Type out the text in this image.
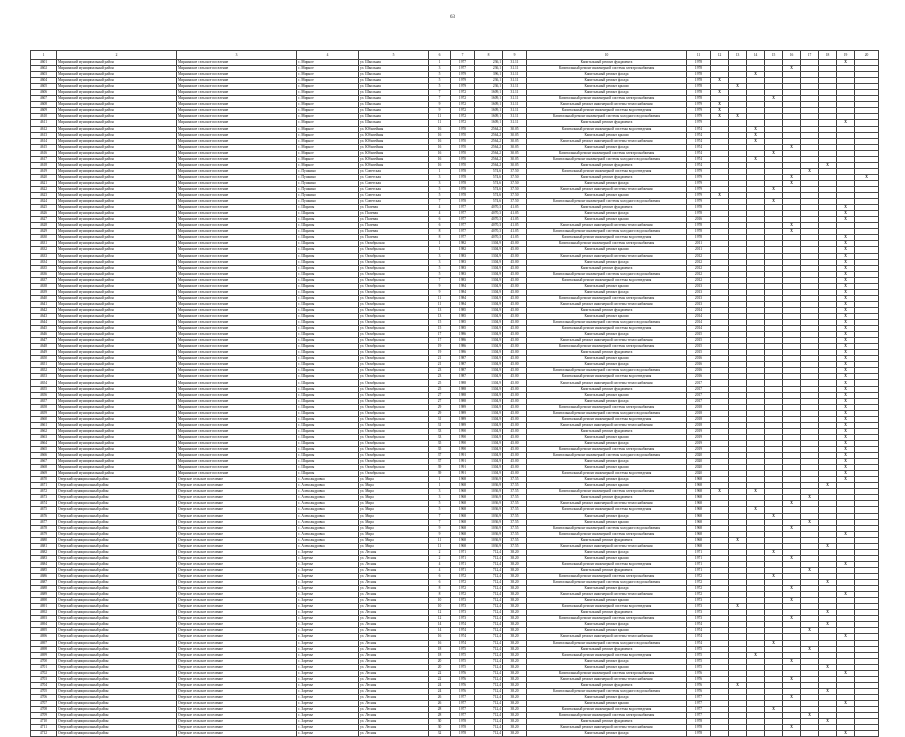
63
1	2	3	4	5	6	7	8	9	10	11	12	13	14	15	16	17	18	19	20
4601	Мирнинский муниципальный район	Мирнинское сельское поселение	с. Мирное	ул. Школьная	1	1977	236,1	31.11	Капитальный ремонт фундамента	1978								X	
4602	Мирнинский муниципальный район	Мирнинское сельское поселение	с. Мирное	ул. Школьная	3	1977	236,1	31.11	Капитальный ремонт инженерной системы электроснабжения	1978					X				
4603	Мирнинский муниципальный район	Мирнинское сельское поселение	с. Мирное	ул. Школьная	5	1979	396,1	31.11	Капитальный ремонт фасада	1978			X						
4604	Мирнинский муниципальный район	Мирнинское сельское поселение	с. Мирное	ул. Школьная	5	1979	236,1	31.11	Капитальный ремонт фасада	1978	X								
4605	Мирнинский муниципальный район	Мирнинское сельское поселение	с. Мирное	ул. Школьная	5	1979	236,1	31.11	Капитальный ремонт крыши	1978		X							
4606	Мирнинский муниципальный район	Мирнинское сельское поселение	с. Мирное	ул. Школьная	7	1972	1609,1	31.11	Капитальный ремонт фасада	1978	X								
4607	Мирнинский муниципальный район	Мирнинское сельское поселение	с. Мирное	ул. Школьная	7	1972	1609,1	31.11	Капитальный ремонт инженерной системы электроснабжения	1978				X					
4608	Мирнинский муниципальный район	Мирнинское сельское поселение	с. Мирное	ул. Школьная	9	1972	1609,1	31.11	Капитальный ремонт инженерной системы теплоснабжения	1979	X								
4609	Мирнинский муниципальный район	Мирнинское сельское поселение	с. Мирное	ул. Школьная	9	1972	1609,1	31.11	Капитальный ремонт инженерной системы водоотведения	1979	X								
4610	Мирнинский муниципальный район	Мирнинское сельское поселение	с. Мирное	ул. Школьная	11	1972	1609,1	31.11	Капитальный ремонт инженерной системы холодного водоснабжения	1979	X	X							
4611	Мирнинский муниципальный район	Мирнинское сельское поселение	с. Мирное	ул. Школьная	11	1972	1609,1	31.11	Капитальный ремонт фундамента	1979								X	
4612	Мирнинский муниципальный район	Мирнинское сельское поселение	с. Мирное	ул. Юбилейная	16	1970	2564,2	30.05	Капитальный ремонт инженерной системы водоотведения	1974			X						
4613	Мирнинский муниципальный район	Мирнинское сельское поселение	с. Мирное	ул. Юбилейная	16	1970	2564,2	30.05	Капитальный ремонт крыши	1974			X						
4614	Мирнинский муниципальный район	Мирнинское сельское поселение	с. Мирное	ул. Юбилейная	16	1970	2564,2	30.05	Капитальный ремонт инженерной системы теплоснабжения	1974			X						
4615	Мирнинский муниципальный район	Мирнинское сельское поселение	с. Мирное	ул. Юбилейная	16	1970	2564,2	30.05	Капитальный ремонт фасада	1974					X				
4616	Мирнинский муниципальный район	Мирнинское сельское поселение	с. Мирное	ул. Юбилейная	16	1970	2564,2	30.05	Капитальный ремонт инженерной системы электроснабжения	1974				X					
4617	Мирнинский муниципальный район	Мирнинское сельское поселение	с. Мирное	ул. Юбилейная	16	1970	2564,2	30.05	Капитальный ремонт инженерной системы холодного водоснабжения	1974			X						
4618	Мирнинский муниципальный район	Мирнинское сельское поселение	с. Мирное	ул. Юбилейная	16	1970	2564,2	30.05	Капитальный ремонт фундамента	1974							X		
4619	Мирнинский муниципальный район	Мирнинское сельское поселение	с. Пушкино	ул. Советская	1	1978	574,6	37.50	Капитальный ремонт инженерной системы водоотведения	1979						X			
4620	Мирнинский муниципальный район	Мирнинское сельское поселение	с. Пушкино	ул. Советская	3	1978	574,6	37.50	Капитальный ремонт фундамента	1979					X				X
4621	Мирнинский муниципальный район	Мирнинское сельское поселение	с. Пушкино	ул. Советская	3	1978	574,6	37.50	Капитальный ремонт фасада	1979					X				
4622	Мирнинский муниципальный район	Мирнинское сельское поселение	с. Пушкино	ул. Советская	5	1978	574,6	37.50	Капитальный ремонт инженерной системы теплоснабжения	1979				X					
4623	Мирнинский муниципальный район	Мирнинское сельское поселение	с. Пушкино	ул. Советская	5	1978	574,6	37.50	Капитальный ремонт крыши	1979	X								
4624	Мирнинский муниципальный район	Мирнинское сельское поселение	с. Пушкино	ул. Советская	7	1978	574,6	37.50	Капитальный ремонт инженерной системы холодного водоснабжения	1979				X					
4625	Мирнинский муниципальный район	Мирнинское сельское поселение	с. Шарапы	ул. Полевая	4	1977	4070,3	41.05	Капитальный ремонт фундамента	1978								X	
4626	Мирнинский муниципальный район	Мирнинское сельское поселение	с. Шарапы	ул. Полевая	4	1977	4070,3	41.05	Капитальный ремонт фасада	1978								X	
4627	Мирнинский муниципальный район	Мирнинское сельское поселение	с. Шарапы	ул. Полевая	6	1977	4070,3	41.05	Капитальный ремонт крыши	2016								X	
4628	Мирнинский муниципальный район	Мирнинское сельское поселение	с. Шарапы	ул. Полевая	6	1977	4070,3	41.05	Капитальный ремонт инженерной системы теплоснабжения	1978					X				
4629	Мирнинский муниципальный район	Мирнинское сельское поселение	с. Шарапы	ул. Полевая	8	1977	4070,3	41.05	Капитальный ремонт инженерной системы холодного водоснабжения	1978					X				
4630	Мирнинский муниципальный район	Мирнинское сельское поселение	с. Шарапы	ул. Полевая	8	1977	4070,3	41.05	Капитальный ремонт инженерной системы водоотведения	1978								X	
4631	Мирнинский муниципальный район	Мирнинское сельское поселение	с. Шарапы	ул. Октябрьская	1	1982	1304,9	45.00	Капитальный ремонт инженерной системы электроснабжения	2011								X	
4632	Мирнинский муниципальный район	Мирнинское сельское поселение	с. Шарапы	ул. Октябрьская	1	1982	1304,9	45.00	Капитальный ремонт крыши	2011								X	
4633	Мирнинский муниципальный район	Мирнинское сельское поселение	с. Шарапы	ул. Октябрьская	3	1983	1304,9	45.00	Капитальный ремонт инженерной системы теплоснабжения	2012								X	
4634	Мирнинский муниципальный район	Мирнинское сельское поселение	с. Шарапы	ул. Октябрьская	3	1983	1304,9	45.00	Капитальный ремонт фасада	2012								X	
4635	Мирнинский муниципальный район	Мирнинское сельское поселение	с. Шарапы	ул. Октябрьская	5	1983	1304,9	45.00	Капитальный ремонт фундамента	2012								X	
4636	Мирнинский муниципальный район	Мирнинское сельское поселение	с. Шарапы	ул. Октябрьская	5	1983	1304,9	45.00	Капитальный ремонт инженерной системы холодного водоснабжения	2012								X	
4637	Мирнинский муниципальный район	Мирнинское сельское поселение	с. Шарапы	ул. Октябрьская	7	1983	1304,9	45.00	Капитальный ремонт инженерной системы водоотведения	2012								X	
4638	Мирнинский муниципальный район	Мирнинское сельское поселение	с. Шарапы	ул. Октябрьская	9	1984	1304,9	45.00	Капитальный ремонт крыши	2013								X	
4639	Мирнинский муниципальный район	Мирнинское сельское поселение	с. Шарапы	ул. Октябрьская	9	1984	1304,9	45.00	Капитальный ремонт фасада	2013								X	
4640	Мирнинский муниципальный район	Мирнинское сельское поселение	с. Шарапы	ул. Октябрьская	11	1984	1304,9	45.00	Капитальный ремонт инженерной системы электроснабжения	2013								X	
4641	Мирнинский муниципальный район	Мирнинское сельское поселение	с. Шарапы	ул. Октябрьская	11	1984	1304,9	45.00	Капитальный ремонт инженерной системы теплоснабжения	2013								X	
4642	Мирнинский муниципальный район	Мирнинское сельское поселение	с. Шарапы	ул. Октябрьская	13	1985	1304,9	45.00	Капитальный ремонт фундамента	2014								X	
4643	Мирнинский муниципальный район	Мирнинское сельское поселение	с. Шарапы	ул. Октябрьская	13	1985	1304,9	45.00	Капитальный ремонт крыши	2014								X	
4644	Мирнинский муниципальный район	Мирнинское сельское поселение	с. Шарапы	ул. Октябрьская	15	1985	1304,9	45.00	Капитальный ремонт инженерной системы холодного водоснабжения	2014								X	
4645	Мирнинский муниципальный район	Мирнинское сельское поселение	с. Шарапы	ул. Октябрьская	15	1985	1304,9	45.00	Капитальный ремонт инженерной системы водоотведения	2014								X	
4646	Мирнинский муниципальный район	Мирнинское сельское поселение	с. Шарапы	ул. Октябрьская	17	1986	1304,9	45.00	Капитальный ремонт фасада	2015								X	
4647	Мирнинский муниципальный район	Мирнинское сельское поселение	с. Шарапы	ул. Октябрьская	17	1986	1304,9	45.00	Капитальный ремонт инженерной системы теплоснабжения	2015								X	
4648	Мирнинский муниципальный район	Мирнинское сельское поселение	с. Шарапы	ул. Октябрьская	19	1986	1304,9	45.00	Капитальный ремонт инженерной системы электроснабжения	2015								X	
4649	Мирнинский муниципальный район	Мирнинское сельское поселение	с. Шарапы	ул. Октябрьская	19	1986	1304,9	45.00	Капитальный ремонт фундамента	2015								X	
4650	Мирнинский муниципальный район	Мирнинское сельское поселение	с. Шарапы	ул. Октябрьская	21	1987	1304,9	45.00	Капитальный ремонт крыши	2016								X	
4651	Мирнинский муниципальный район	Мирнинское сельское поселение	с. Шарапы	ул. Октябрьская	21	1987	1304,9	45.00	Капитальный ремонт фасада	2016								X	
4652	Мирнинский муниципальный район	Мирнинское сельское поселение	с. Шарапы	ул. Октябрьская	23	1987	1304,9	45.00	Капитальный ремонт инженерной системы холодного водоснабжения	2016								X	
4653	Мирнинский муниципальный район	Мирнинское сельское поселение	с. Шарапы	ул. Октябрьская	23	1987	1304,9	45.00	Капитальный ремонт инженерной системы водоотведения	2016								X	
4654	Мирнинский муниципальный район	Мирнинское сельское поселение	с. Шарапы	ул. Октябрьская	25	1988	1304,9	45.00	Капитальный ремонт инженерной системы теплоснабжения	2017								X	
4655	Мирнинский муниципальный район	Мирнинское сельское поселение	с. Шарапы	ул. Октябрьская	25	1988	1304,9	45.00	Капитальный ремонт фундамента	2017								X	
4656	Мирнинский муниципальный район	Мирнинское сельское поселение	с. Шарапы	ул. Октябрьская	27	1988	1304,9	45.00	Капитальный ремонт крыши	2017								X	
4657	Мирнинский муниципальный район	Мирнинское сельское поселение	с. Шарапы	ул. Октябрьская	27	1988	1304,9	45.00	Капитальный ремонт фасада	2017								X	
4658	Мирнинский муниципальный район	Мирнинское сельское поселение	с. Шарапы	ул. Октябрьская	29	1989	1304,9	45.00	Капитальный ремонт инженерной системы электроснабжения	2018								X	
4659	Мирнинский муниципальный район	Мирнинское сельское поселение	с. Шарапы	ул. Октябрьская	29	1989	1304,9	45.00	Капитальный ремонт инженерной системы холодного водоснабжения	2018								X	
4660	Мирнинский муниципальный район	Мирнинское сельское поселение	с. Шарапы	ул. Октябрьская	31	1989	1304,9	45.00	Капитальный ремонт инженерной системы водоотведения	2018								X	
4661	Мирнинский муниципальный район	Мирнинское сельское поселение	с. Шарапы	ул. Октябрьская	31	1989	1304,9	45.00	Капитальный ремонт инженерной системы теплоснабжения	2018								X	
4662	Мирнинский муниципальный район	Мирнинское сельское поселение	с. Шарапы	ул. Октябрьская	33	1990	1304,9	45.00	Капитальный ремонт фундамента	2019								X	
4663	Мирнинский муниципальный район	Мирнинское сельское поселение	с. Шарапы	ул. Октябрьская	33	1990	1304,9	45.00	Капитальный ремонт крыши	2019								X	
4664	Мирнинский муниципальный район	Мирнинское сельское поселение	с. Шарапы	ул. Октябрьская	35	1990	1304,9	45.00	Капитальный ремонт фасада	2019								X	
4665	Мирнинский муниципальный район	Мирнинское сельское поселение	с. Шарапы	ул. Октябрьская	35	1990	1304,9	45.00	Капитальный ремонт инженерной системы электроснабжения	2019								X	
4666	Мирнинский муниципальный район	Мирнинское сельское поселение	с. Шарапы	ул. Октябрьская	37	1991	1304,9	45.00	Капитальный ремонт инженерной системы холодного водоснабжения	2020								X	
4667	Мирнинский муниципальный район	Мирнинское сельское поселение	с. Шарапы	ул. Октябрьская	37	1991	1304,9	45.00	Капитальный ремонт фасада	2020								X	
4668	Мирнинский муниципальный район	Мирнинское сельское поселение	с. Шарапы	ул. Октябрьская	39	1991	1304,9	45.00	Капитальный ремонт крыши	2020								X	
4669	Мирнинский муниципальный район	Мирнинское сельское поселение	с. Шарапы	ул. Октябрьская	39	1991	1304,9	45.00	Капитальный ремонт инженерной системы водоотведения	2020								X	
4670	Озерский муниципальный район	Озерское сельское поселение	с. Александровка	ул. Мира	1	1968	1036,9	37.55	Капитальный ремонт фасада	1968								X	
4671	Озерский муниципальный район	Озерское сельское поселение	с. Александровка	ул. Мира	1	1968	1036,9	37.55	Капитальный ремонт крыши	1968							X		
4672	Озерский муниципальный район	Озерское сельское поселение	с. Александровка	ул. Мира	3	1968	1036,9	37.55	Капитальный ремонт инженерной системы электроснабжения	1968	X		X						
4673	Озерский муниципальный район	Озерское сельское поселение	с. Александровка	ул. Мира	3	1968	1036,9	37.55	Капитальный ремонт фундамента	1968						X			
4674	Озерский муниципальный район	Озерское сельское поселение	с. Александровка	ул. Мира	5	1968	1036,9	37.55	Капитальный ремонт инженерной системы теплоснабжения	1968					X				
4675	Озерский муниципальный район	Озерское сельское поселение	с. Александровка	ул. Мира	5	1968	1036,9	37.55	Капитальный ремонт инженерной системы водоотведения	1968			X						
4676	Озерский муниципальный район	Озерское сельское поселение	с. Александровка	ул. Мира	7	1968	1036,9	37.55	Капитальный ремонт фасада	1968				X					
4677	Озерский муниципальный район	Озерское сельское поселение	с. Александровка	ул. Мира	7	1968	1036,9	37.55	Капитальный ремонт крыши	1968						X			
4678	Озерский муниципальный район	Озерское сельское поселение	с. Александровка	ул. Мира	9	1968	1036,9	37.55	Капитальный ремонт инженерной системы холодного водоснабжения	1968					X				
4679	Озерский муниципальный район	Озерское сельское поселение	с. Александровка	ул. Мира	9	1968	1036,9	37.55	Капитальный ремонт инженерной системы электроснабжения	1968								X	
4680	Озерский муниципальный район	Озерское сельское поселение	с. Александровка	ул. Мира	11	1968	1036,9	37.55	Капитальный ремонт фундамента	1968		X							
4681	Озерский муниципальный район	Озерское сельское поселение	с. Александровка	ул. Мира	11	1968	1036,9	37.55	Капитальный ремонт инженерной системы теплоснабжения	1968							X		
4682	Озерский муниципальный район	Озерское сельское поселение	с. Заречье	ул. Лесная	2	1971	712,4	38.20	Капитальный ремонт фасада	1971				X					
4683	Озерский муниципальный район	Озерское сельское поселение	с. Заречье	ул. Лесная	2	1971	712,4	38.20	Капитальный ремонт крыши	1971					X				
4684	Озерский муниципальный район	Озерское сельское поселение	с. Заречье	ул. Лесная	4	1971	712,4	38.20	Капитальный ремонт инженерной системы водоотведения	1971								X	
4685	Озерский муниципальный район	Озерское сельское поселение	с. Заречье	ул. Лесная	4	1971	712,4	38.20	Капитальный ремонт фундамента	1971						X			
4686	Озерский муниципальный район	Озерское сельское поселение	с. Заречье	ул. Лесная	6	1972	712,4	38.20	Капитальный ремонт инженерной системы электроснабжения	1972				X					
4687	Озерский муниципальный район	Озерское сельское поселение	с. Заречье	ул. Лесная	6	1972	712,4	38.20	Капитальный ремонт инженерной системы холодного водоснабжения	1972							X		
4688	Озерский муниципальный район	Озерское сельское поселение	с. Заречье	ул. Лесная	8	1972	712,4	38.20	Капитальный ремонт фасада	1972					X				
4689	Озерский муниципальный район	Озерское сельское поселение	с. Заречье	ул. Лесная	8	1972	712,4	38.20	Капитальный ремонт инженерной системы теплоснабжения	1972								X	
4690	Озерский муниципальный район	Озерское сельское поселение	с. Заречье	ул. Лесная	10	1973	712,4	38.20	Капитальный ремонт крыши	1973					X				
4691	Озерский муниципальный район	Озерское сельское поселение	с. Заречье	ул. Лесная	10	1973	712,4	38.20	Капитальный ремонт инженерной системы водоотведения	1973		X							
4692	Озерский муниципальный район	Озерское сельское поселение	с. Заречье	ул. Лесная	12	1973	712,4	38.20	Капитальный ремонт фундамента	1973							X		
4693	Озерский муниципальный район	Озерское сельское поселение	с. Заречье	ул. Лесная	12	1973	712,4	38.20	Капитальный ремонт инженерной системы электроснабжения	1973					X				
4694	Озерский муниципальный район	Озерское сельское поселение	с. Заречье	ул. Лесная	14	1974	712,4	38.20	Капитальный ремонт фасада	1974							X		
4695	Озерский муниципальный район	Озерское сельское поселение	с. Заречье	ул. Лесная	14	1974	712,4	38.20	Капитальный ремонт крыши	1974						X			
4696	Озерский муниципальный район	Озерское сельское поселение	с. Заречье	ул. Лесная	16	1974	712,4	38.20	Капитальный ремонт инженерной системы теплоснабжения	1974								X	
4697	Озерский муниципальный район	Озерское сельское поселение	с. Заречье	ул. Лесная	16	1974	712,4	38.20	Капитальный ремонт инженерной системы холодного водоснабжения	1974				X					
4698	Озерский муниципальный район	Озерское сельское поселение	с. Заречье	ул. Лесная	18	1975	712,4	38.20	Капитальный ремонт фундамента	1975						X			
4699	Озерский муниципальный район	Озерское сельское поселение	с. Заречье	ул. Лесная	18	1975	712,4	38.20	Капитальный ремонт инженерной системы водоотведения	1975			X						
4700	Озерский муниципальный район	Озерское сельское поселение	с. Заречье	ул. Лесная	20	1975	712,4	38.20	Капитальный ремонт фасада	1975					X				
4701	Озерский муниципальный район	Озерское сельское поселение	с. Заречье	ул. Лесная	20	1975	712,4	38.20	Капитальный ремонт крыши	1975							X		
4702	Озерский муниципальный район	Озерское сельское поселение	с. Заречье	ул. Лесная	22	1976	712,4	38.20	Капитальный ремонт инженерной системы электроснабжения	1976								X	
4703	Озерский муниципальный район	Озерское сельское поселение	с. Заречье	ул. Лесная	22	1976	712,4	38.20	Капитальный ремонт инженерной системы теплоснабжения	1976					X				
4704	Озерский муниципальный район	Озерское сельское поселение	с. Заречье	ул. Лесная	24	1976	712,4	38.20	Капитальный ремонт фундамента	1976		X							
4705	Озерский муниципальный район	Озерское сельское поселение	с. Заречье	ул. Лесная	24	1976	712,4	38.20	Капитальный ремонт инженерной системы холодного водоснабжения	1976							X		
4706	Озерский муниципальный район	Озерское сельское поселение	с. Заречье	ул. Лесная	26	1977	712,4	38.20	Капитальный ремонт фасада	1977					X				
4707	Озерский муниципальный район	Озерское сельское поселение	с. Заречье	ул. Лесная	26	1977	712,4	38.20	Капитальный ремонт крыши	1977								X	
4708	Озерский муниципальный район	Озерское сельское поселение	с. Заречье	ул. Лесная	28	1977	712,4	38.20	Капитальный ремонт инженерной системы водоотведения	1977				X					
4709	Озерский муниципальный район	Озерское сельское поселение	с. Заречье	ул. Лесная	28	1977	712,4	38.20	Капитальный ремонт инженерной системы электроснабжения	1977						X			
4710	Озерский муниципальный район	Озерское сельское поселение	с. Заречье	ул. Лесная	30	1978	712,4	38.20	Капитальный ремонт фундамента	1978							X		
4711	Озерский муниципальный район	Озерское сельское поселение	с. Заречье	ул. Лесная	30	1978	712,4	38.20	Капитальный ремонт инженерной системы теплоснабжения	1978					X				
4712	Озерский муниципальный район	Озерское сельское поселение	с. Заречье	ул. Лесная	32	1978	712,4	38.20	Капитальный ремонт фасада	1978								X	
